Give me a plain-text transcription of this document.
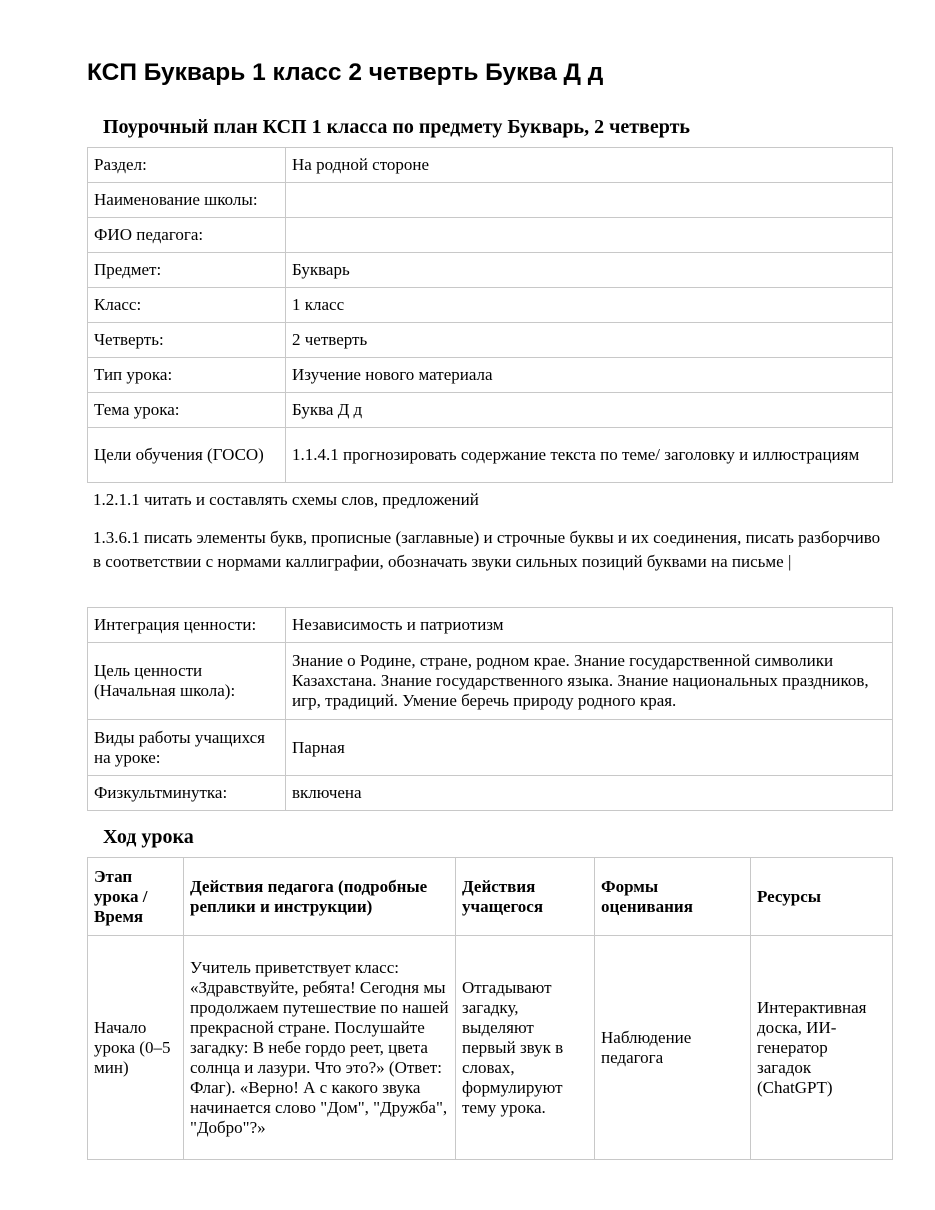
КСП Букварь 1 класс 2 четверть Буква Д д
Поурочный план КСП 1 класса по предмету Букварь, 2 четверть
Раздел:	На родной стороне
Наименование школы:	
ФИО педагога:	
Предмет:	Букварь
Класс:	1 класс
Четверть:	2 четверть
Тип урока:	Изучение нового материала
Тема урока:	Буква Д д
Цели обучения (ГОСО)	1.1.4.1 прогнозировать содержание текста по теме/ заголовку и иллюстрациям

1.2.1.1 читать и составлять схемы слов, предложений

1.3.6.1 писать элементы букв, прописные (заглавные) и строчные буквы и их соединения, писать разборчиво в соответствии с нормами каллиграфии, обозначать звуки сильных позиций буквами на письме |

Интеграция ценности:	Независимость и патриотизм
Цель ценности (Начальная школа):	Знание о Родине, стране, родном крае. Знание государственной символики Казахстана. Знание государственного языка. Знание национальных праздников, игр, традиций. Умение беречь природу родного края.
Виды работы учащихся на уроке:	Парная
Физкультминутка:	включена
Ход урока
Этап урока / Время	Действия педагога (подробные реплики и инструкции)	Действия учащегося	Формы оценивания	Ресурсы
Начало урока (0–5 мин)	Учитель приветствует класс: «Здравствуйте, ребята! Сегодня мы продолжаем путешествие по нашей прекрасной стране. Послушайте загадку: В небе гордо реет, цвета солнца и лазури. Что это?» (Ответ: Флаг). «Верно! А с какого звука начинается слово "Дом", "Дружба", "Добро"?»	Отгадывают загадку, выделяют первый звук в словах, формулируют тему урока.	Наблюдение педагога	Интерактивная доска, ИИ-генератор загадок (ChatGPT)
